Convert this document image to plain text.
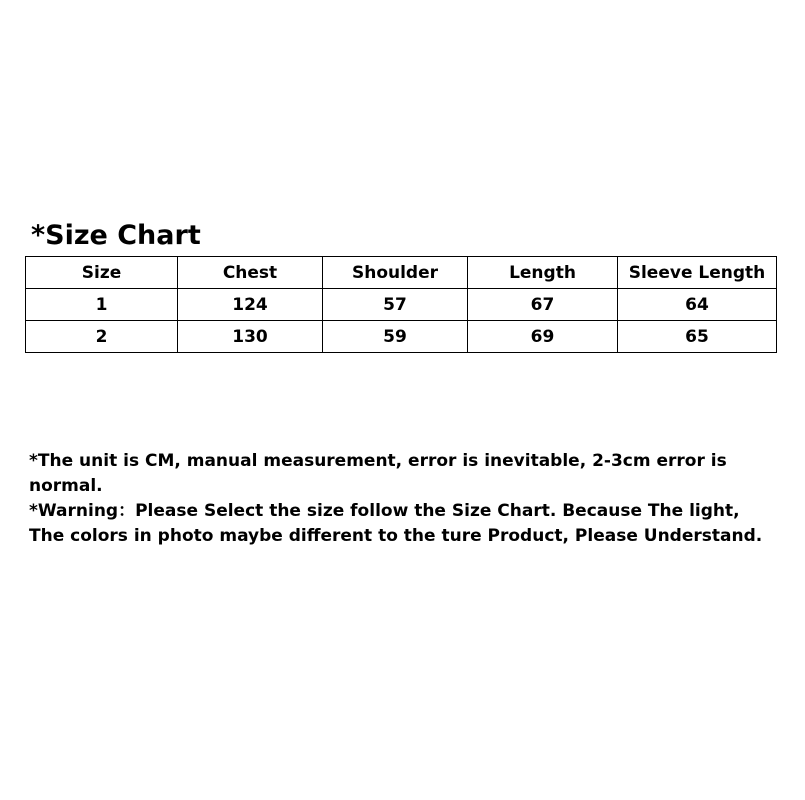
*Size Chart
Size	Chest	Shoulder	Length	Sleeve Length
1	124	57	67	64
2	130	59	69	65

*The unit is CM, manual measurement, error is inevitable, 2-3cm error is normal.

*Warning：Please Select the size follow the Size Chart. Because The light, The colors in photo maybe different to the ture Product, Please Understand.
